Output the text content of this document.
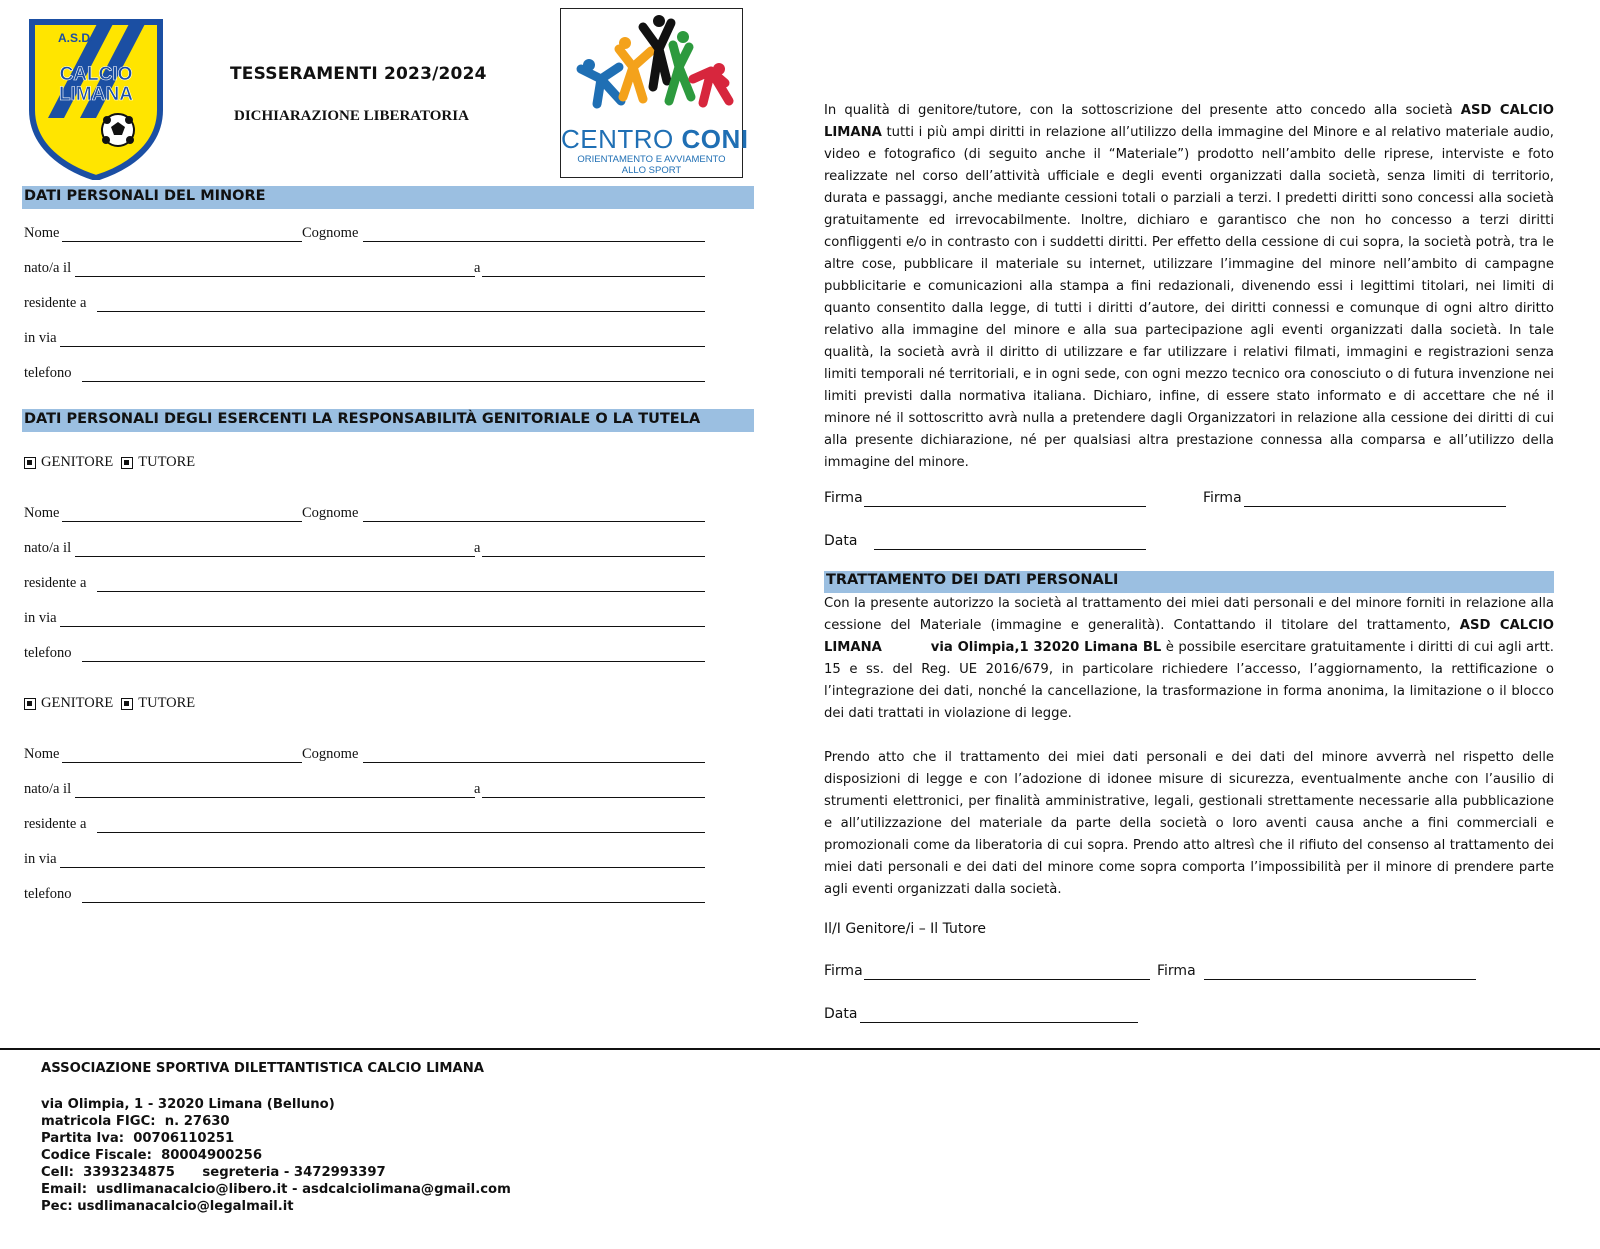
A.S.D.
CALCIO
LIMANA
TESSERAMENTI 2023/2024
DICHIARAZIONE LIBERATORIA
CENTRO CONI
ORIENTAMENTO E AVVIAMENTO
ALLO SPORT
DATI PERSONALI DEL MINORE
Nome	Cognome
nato/a il	a
residente a
in via
telefono
DATI PERSONALI DEGLI ESERCENTI LA RESPONSABILITÀ GENITORIALE O LA TUTELA
GENITORE TUTORE
Nome	Cognome
nato/a il	a
residente a
in via
telefono
GENITORE TUTORE
Nome	Cognome
nato/a il	a
residente a
in via
telefono
In qualità di genitore/tutore, con la sottoscrizione del presente atto concedo alla società ASD CALCIO LIMANA tutti i più ampi diritti in relazione all’utilizzo della immagine del Minore e al relativo materiale audio, video e fotografico (di seguito anche il “Materiale”) prodotto nell’ambito delle riprese, interviste e foto realizzate nel corso dell’attività ufficiale e degli eventi organizzati dalla società, senza limiti di territorio, durata e passaggi, anche mediante cessioni totali o parziali a terzi. I predetti diritti sono concessi alla società gratuitamente ed irrevocabilmente. Inoltre, dichiaro e garantisco che non ho concesso a terzi diritti confliggenti e/o in contrasto con i suddetti diritti. Per effetto della cessione di cui sopra, la società potrà, tra le altre cose, pubblicare il materiale su internet, utilizzare l’immagine del minore nell’ambito di campagne pubblicitarie e comunicazioni alla stampa a fini redazionali, divenendo essi i legittimi titolari, nei limiti di quanto consentito dalla legge, di tutti i diritti d’autore, dei diritti connessi e comunque di ogni altro diritto relativo alla immagine del minore e alla sua partecipazione agli eventi organizzati dalla società. In tale qualità, la società avrà il diritto di utilizzare e far utilizzare i relativi filmati, immagini e registrazioni senza limiti temporali né territoriali, e in ogni sede, con ogni mezzo tecnico ora conosciuto o di futura invenzione nei limiti previsti dalla normativa italiana. Dichiaro, infine, di essere stato informato e di accettare che né il minore né il sottoscritto avrà nulla a pretendere dagli Organizzatori in relazione alla cessione dei diritti di cui alla presente dichiarazione, né per qualsiasi altra prestazione connessa alla comparsa e all’utilizzo della immagine del minore.
Firma	Firma
Data
TRATTAMENTO DEI DATI PERSONALI
Con la presente autorizzo la società al trattamento dei miei dati personali e del minore forniti in relazione alla cessione del Materiale (immagine e generalità). Contattando il titolare del trattamento, ASD CALCIO LIMANA	via Olimpia,1 32020 Limana BL è possibile esercitare gratuitamente i diritti di cui agli artt. 15 e ss. del Reg. UE 2016/679, in particolare richiedere l’accesso, l’aggiornamento, la rettificazione o l’integrazione dei dati, nonché la cancellazione, la trasformazione in forma anonima, la limitazione o il blocco dei dati trattati in violazione di legge.
Prendo atto che il trattamento dei miei dati personali e dei dati del minore avverrà nel rispetto delle disposizioni di legge e con l’adozione di idonee misure di sicurezza, eventualmente anche con l’ausilio di strumenti elettronici, per finalità amministrative, legali, gestionali strettamente necessarie alla pubblicazione e all’utilizzazione del materiale da parte della società o loro aventi causa anche a fini commerciali e promozionali come da liberatoria di cui sopra. Prendo atto altresì che il rifiuto del consenso al trattamento dei miei dati personali e dei dati del minore come sopra comporta l’impossibilità per il minore di prendere parte agli eventi organizzati dalla società.
Il/I Genitore/i – Il Tutore
Firma	Firma
Data
ASSOCIAZIONE SPORTIVA DILETTANTISTICA CALCIO LIMANA
via Olimpia, 1 - 32020 Limana (Belluno)
matricola FIGC:  n. 27630
Partita Iva:  00706110251
Codice Fiscale:  80004900256
Cell:  3393234875      segreteria - 3472993397
Email:  usdlimanacalcio@libero.it - asdcalciolimana@gmail.com
Pec: usdlimanacalcio@legalmail.it
